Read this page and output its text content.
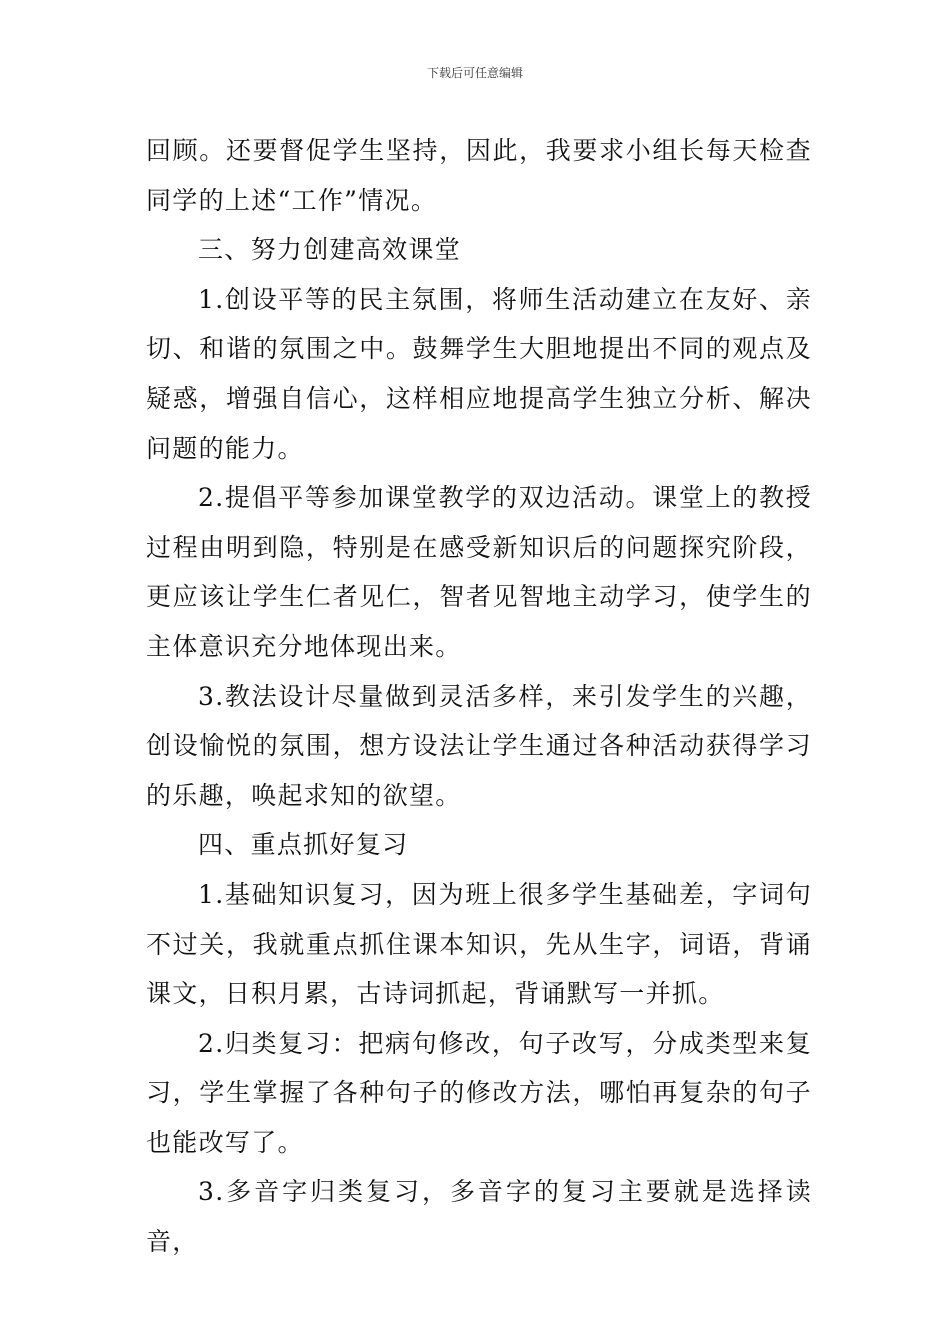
下载后可任意编辑

回顾。还要督促学生坚持，因此，我要求小组长每天检查同学的上述“工作”情况。

三、努力创建高效课堂

1.创设平等的民主氛围，将师生活动建立在友好、亲切、和谐的氛围之中。鼓舞学生大胆地提出不同的观点及疑惑，增强自信心，这样相应地提高学生独立分析、解决问题的能力。

2.提倡平等参加课堂教学的双边活动。课堂上的教授过程由明到隐，特别是在感受新知识后的问题探究阶段，更应该让学生仁者见仁，智者见智地主动学习，使学生的主体意识充分地体现出来。

3.教法设计尽量做到灵活多样，来引发学生的兴趣，创设愉悦的氛围，想方设法让学生通过各种活动获得学习的乐趣，唤起求知的欲望。

四、重点抓好复习

1.基础知识复习，因为班上很多学生基础差，字词句不过关，我就重点抓住课本知识，先从生字，词语，背诵课文，日积月累，古诗词抓起，背诵默写一并抓。

2.归类复习：把病句修改，句子改写，分成类型来复习，学生掌握了各种句子的修改方法，哪怕再复杂的句子也能改写了。

3.多音字归类复习，多音字的复习主要就是选择读音，
